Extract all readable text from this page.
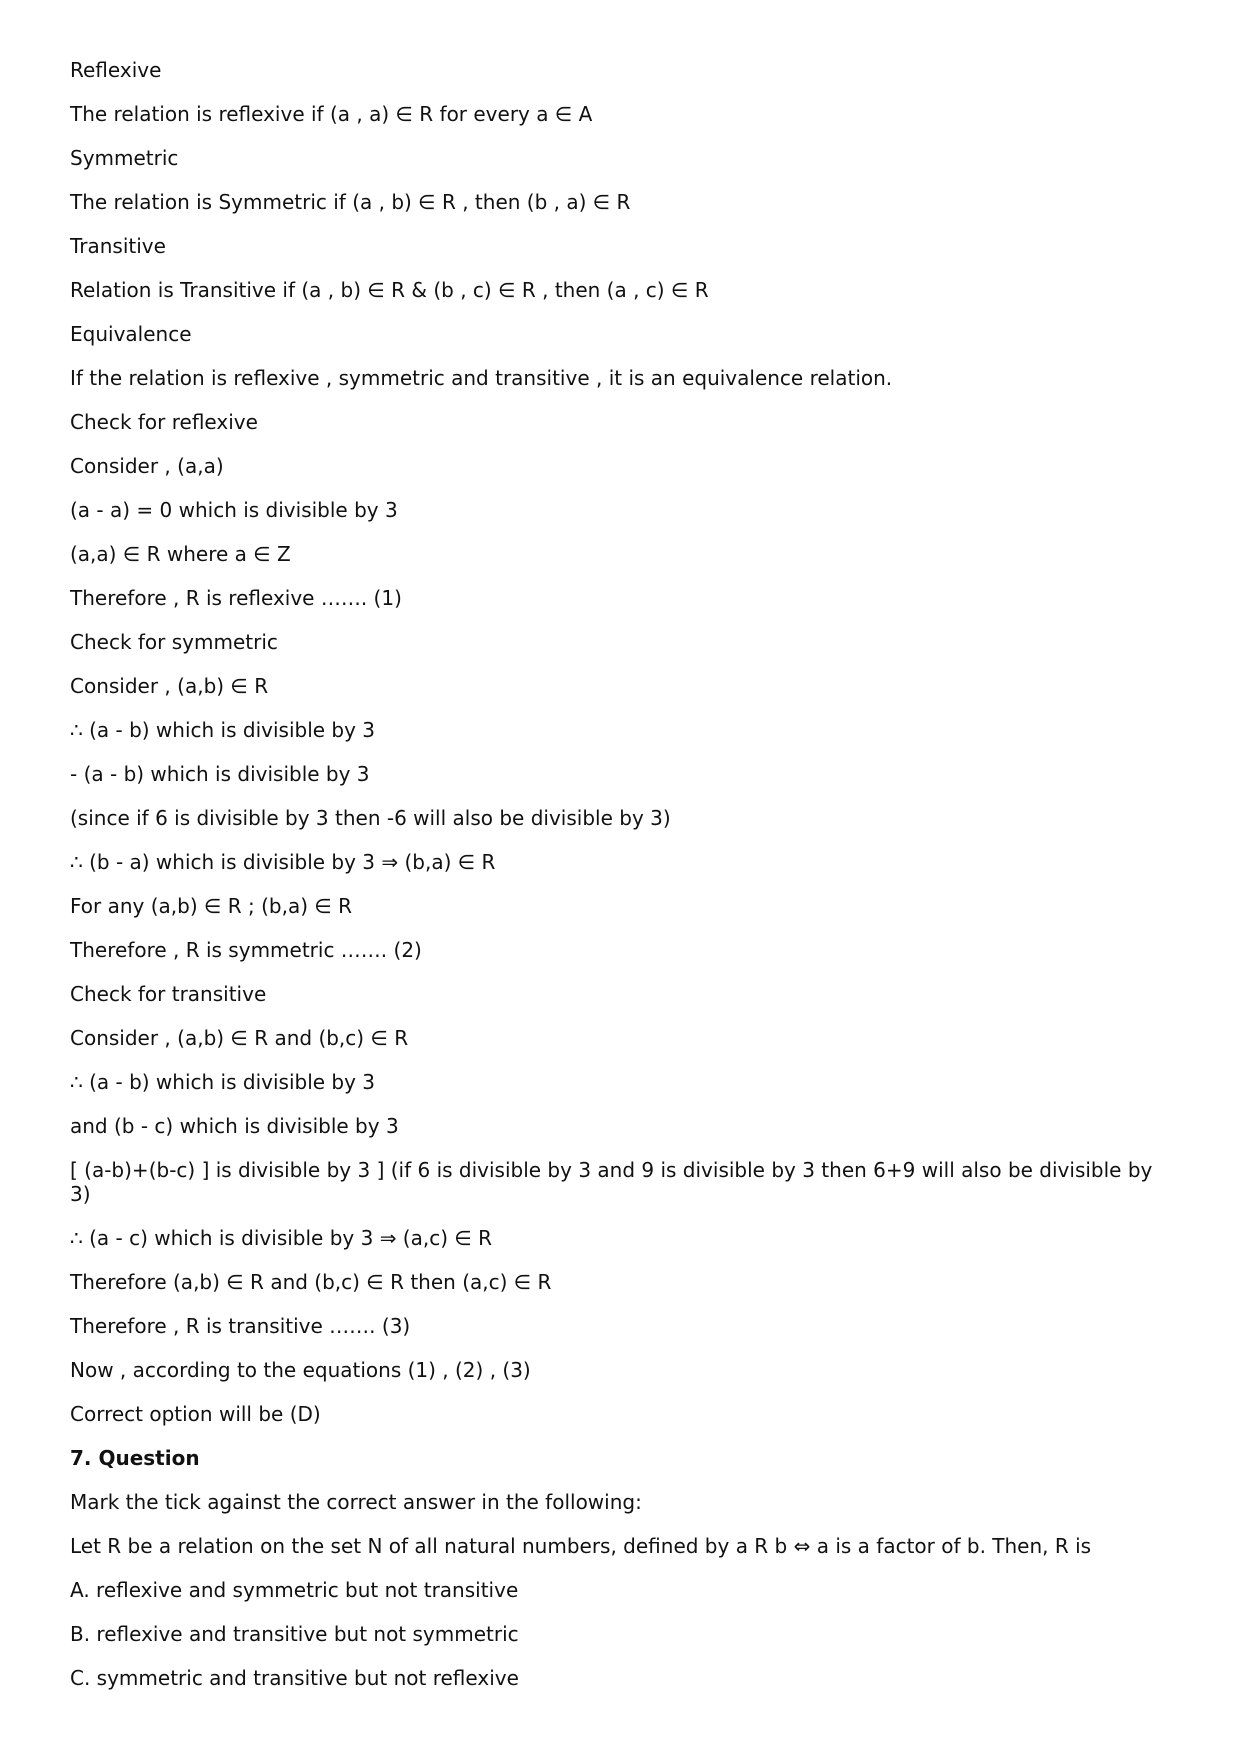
Reflexive
The relation is reflexive if (a , a) ∈ R for every a ∈ A
Symmetric
The relation is Symmetric if (a , b) ∈ R , then (b , a) ∈ R
Transitive
Relation is Transitive if (a , b) ∈ R & (b , c) ∈ R , then (a , c) ∈ R
Equivalence
If the relation is reflexive , symmetric and transitive , it is an equivalence relation.
Check for reflexive
Consider , (a,a)
(a - a) = 0 which is divisible by 3
(a,a) ∈ R where a ∈ Z
Therefore , R is reflexive ……. (1)
Check for symmetric
Consider , (a,b) ∈ R
∴ (a - b) which is divisible by 3
- (a - b) which is divisible by 3
(since if 6 is divisible by 3 then -6 will also be divisible by 3)
∴ (b - a) which is divisible by 3 ⇒ (b,a) ∈ R
For any (a,b) ∈ R ; (b,a) ∈ R
Therefore , R is symmetric ……. (2)
Check for transitive
Consider , (a,b) ∈ R and (b,c) ∈ R
∴ (a - b) which is divisible by 3
and (b - c) which is divisible by 3
[ (a-b)+(b-c) ] is divisible by 3 ] (if 6 is divisible by 3 and 9 is divisible by 3 then 6+9 will also be divisible by 3)
∴ (a - c) which is divisible by 3 ⇒ (a,c) ∈ R
Therefore (a,b) ∈ R and (b,c) ∈ R then (a,c) ∈ R
Therefore , R is transitive ……. (3)
Now , according to the equations (1) , (2) , (3)
Correct option will be (D)
7. Question
Mark the tick against the correct answer in the following:
Let R be a relation on the set N of all natural numbers, defined by a R b ⇔ a is a factor of b. Then, R is
A. reflexive and symmetric but not transitive
B. reflexive and transitive but not symmetric
C. symmetric and transitive but not reflexive
